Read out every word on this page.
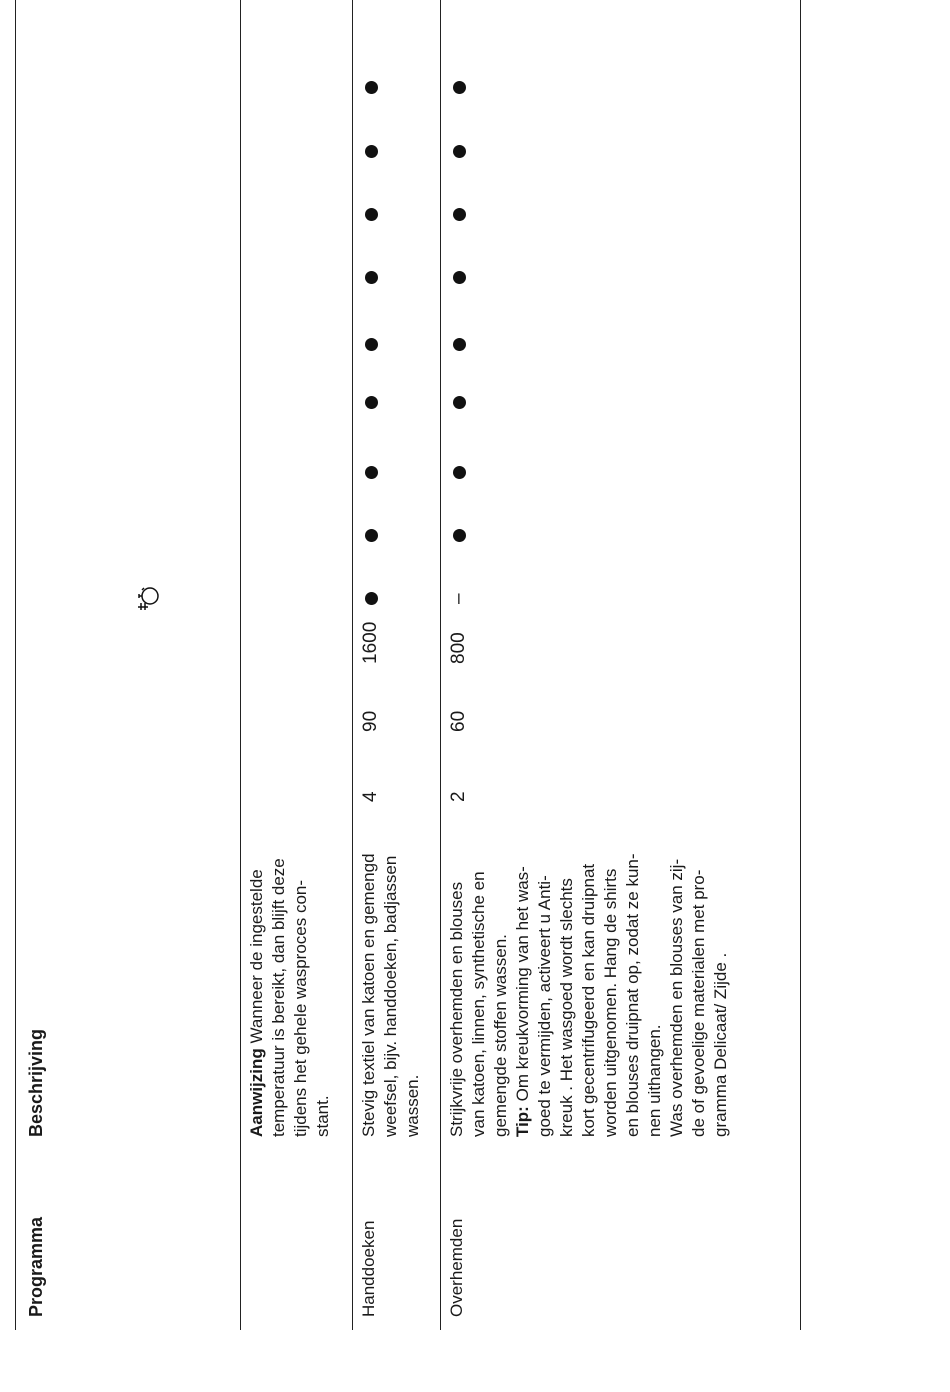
Programma
Beschrijving	Aanwijzing Wanneer de ingestelde temperatuur is bereikt, dan blijft deze tijdens het gehele wasproces con- stant.
Handdoeken
Stevig textiel van katoen en gemengd weefsel, bijv. handdoeken, badjassen wassen.
4
90
1600
Overhemden
Strijkvrije overhemden en blouses van katoen, linnen, synthetische en gemengde stoffen wassen. Tip: Om kreukvorming van het was- goed te vermijden, activeert u Anti- kreuk . Het wasgoed wordt slechts kort gecentrifugeerd en kan druipnat worden uitgenomen. Hang de shirts en blouses druipnat op, zodat ze kun- nen uithangen. Was overhemden en blouses van zij- de of gevoelige materialen met pro- gramma Delicaat/ Zijde .
2
60
800
–
